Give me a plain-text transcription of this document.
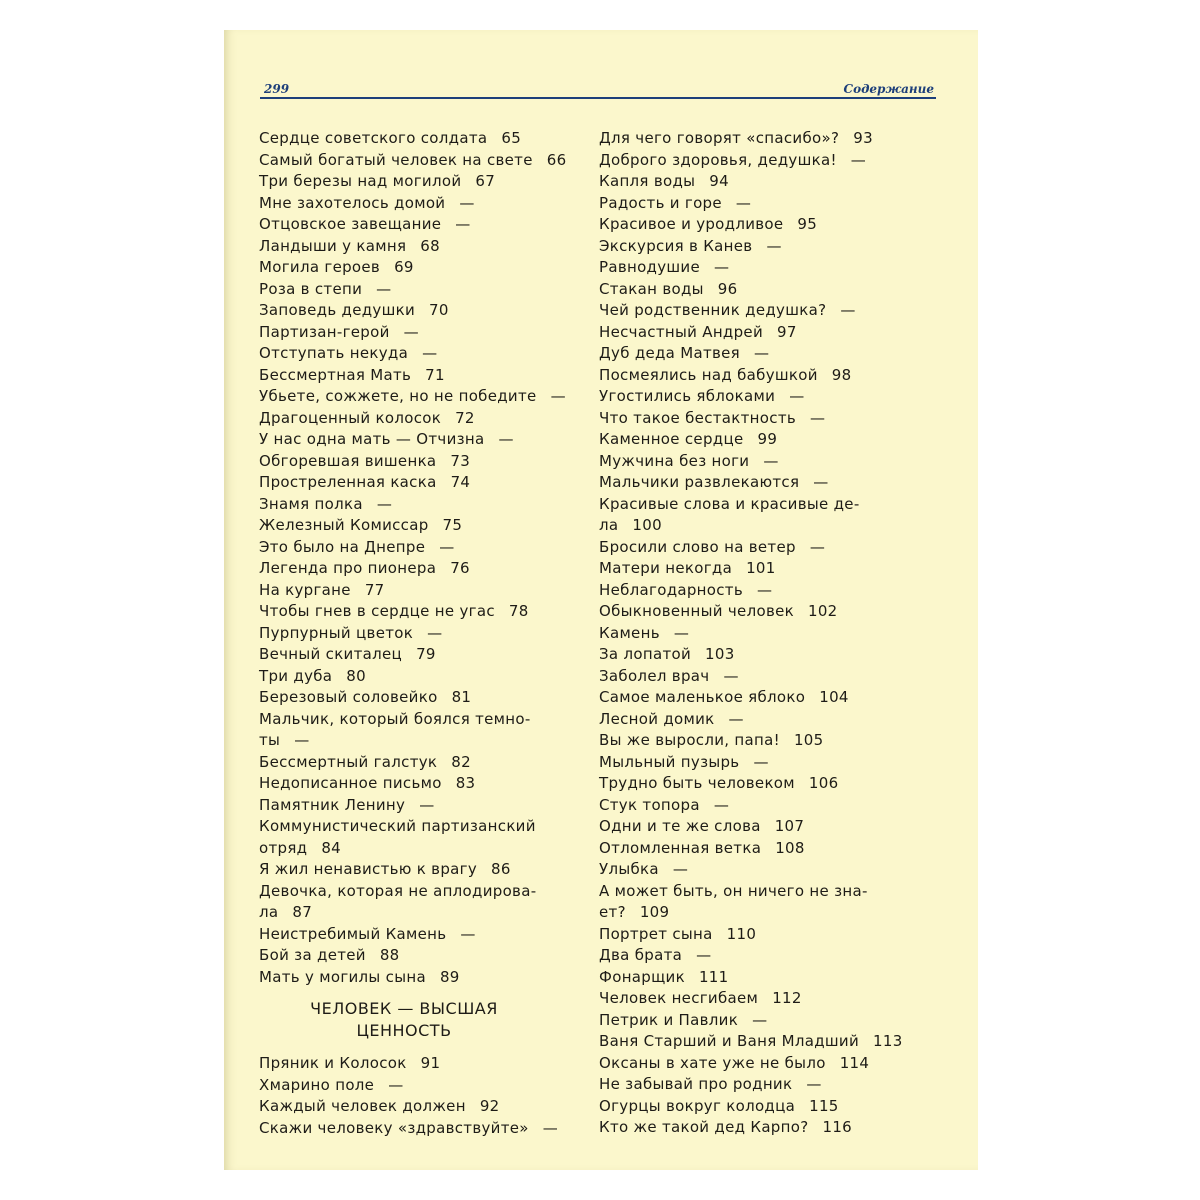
299	Содержание
Сердце советского солдата 65
Самый богатый человек на свете 66
Три березы над могилой 67
Мне захотелось домой —
Отцовское завещание —
Ландыши у камня 68
Могила героев 69
Роза в степи —
Заповедь дедушки 70
Партизан-герой —
Отступать некуда —
Бессмертная Мать 71
Убьете, сожжете, но не победите —
Драгоценный колосок 72
У нас одна мать — Отчизна —
Обгоревшая вишенка 73
Простреленная каска 74
Знамя полка —
Железный Комиссар 75
Это было на Днепре —
Легенда про пионера 76
На кургане 77
Чтобы гнев в сердце не угас 78
Пурпурный цветок —
Вечный скиталец 79
Три дуба 80
Березовый соловейко 81
Мальчик, который боялся темно-
ты —
Бессмертный галстук 82
Недописанное письмо 83
Памятник Ленину —
Коммунистический партизанский
отряд 84
Я жил ненавистью к врагу 86
Девочка, которая не аплодирова-
ла 87
Неистребимый Камень —
Бой за детей 88
Мать у могилы сына 89
ЧЕЛОВЕК — ВЫСШАЯ
ЦЕННОСТЬ
Пряник и Колосок 91
Хмарино поле —
Каждый человек должен 92
Скажи человеку «здравствуйте» —
Для чего говорят «спасибо»? 93
Доброго здоровья, дедушка! —
Капля воды 94
Радость и горе —
Красивое и уродливое 95
Экскурсия в Канев —
Равнодушие —
Стакан воды 96
Чей родственник дедушка? —
Несчастный Андрей 97
Дуб деда Матвея —
Посмеялись над бабушкой 98
Угостились яблоками —
Что такое бестактность —
Каменное сердце 99
Мужчина без ноги —
Мальчики развлекаются —
Красивые слова и красивые де-
ла 100
Бросили слово на ветер —
Матери некогда 101
Неблагодарность —
Обыкновенный человек 102
Камень —
За лопатой 103
Заболел врач —
Самое маленькое яблоко 104
Лесной домик —
Вы же выросли, папа! 105
Мыльный пузырь —
Трудно быть человеком 106
Стук топора —
Одни и те же слова 107
Отломленная ветка 108
Улыбка —
А может быть, он ничего не зна-
ет? 109
Портрет сына 110
Два брата —
Фонарщик 111
Человек несгибаем 112
Петрик и Павлик —
Ваня Старший и Ваня Младший 113
Оксаны в хате уже не было 114
Не забывай про родник —
Огурцы вокруг колодца 115
Кто же такой дед Карпо? 116
